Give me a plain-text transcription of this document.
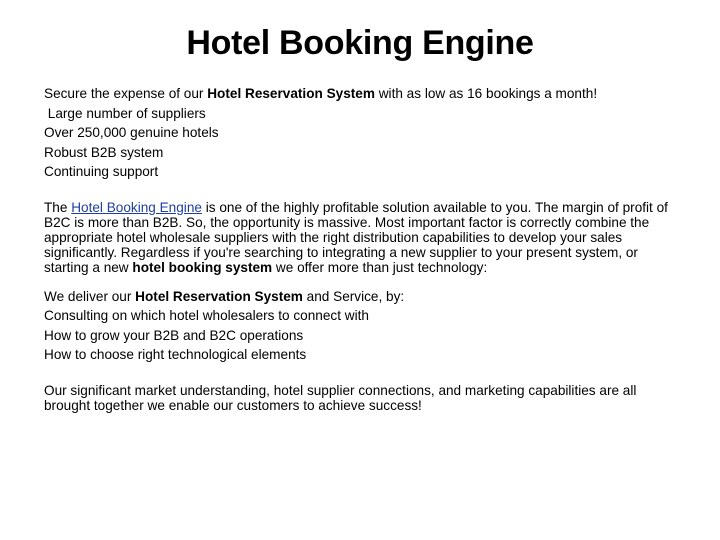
Hotel Booking Engine

Secure the expense of our Hotel Reservation System with as low as 16 bookings a month!

Large number of suppliers

Over 250,000 genuine hotels

Robust B2B system

Continuing support

The Hotel Booking Engine is one of the highly profitable solution available to you. The margin of profit of B2C is more than B2B. So, the opportunity is massive. Most important factor is correctly combine the appropriate hotel wholesale suppliers with the right distribution capabilities to develop your sales significantly. Regardless if you're searching to integrating a new supplier to your present system, or starting a new hotel booking system we offer more than just technology:

We deliver our Hotel Reservation System and Service, by:

Consulting on which hotel wholesalers to connect with

How to grow your B2B and B2C operations

How to choose right technological elements

Our significant market understanding, hotel supplier connections, and marketing capabilities are all brought together we enable our customers to achieve success!
